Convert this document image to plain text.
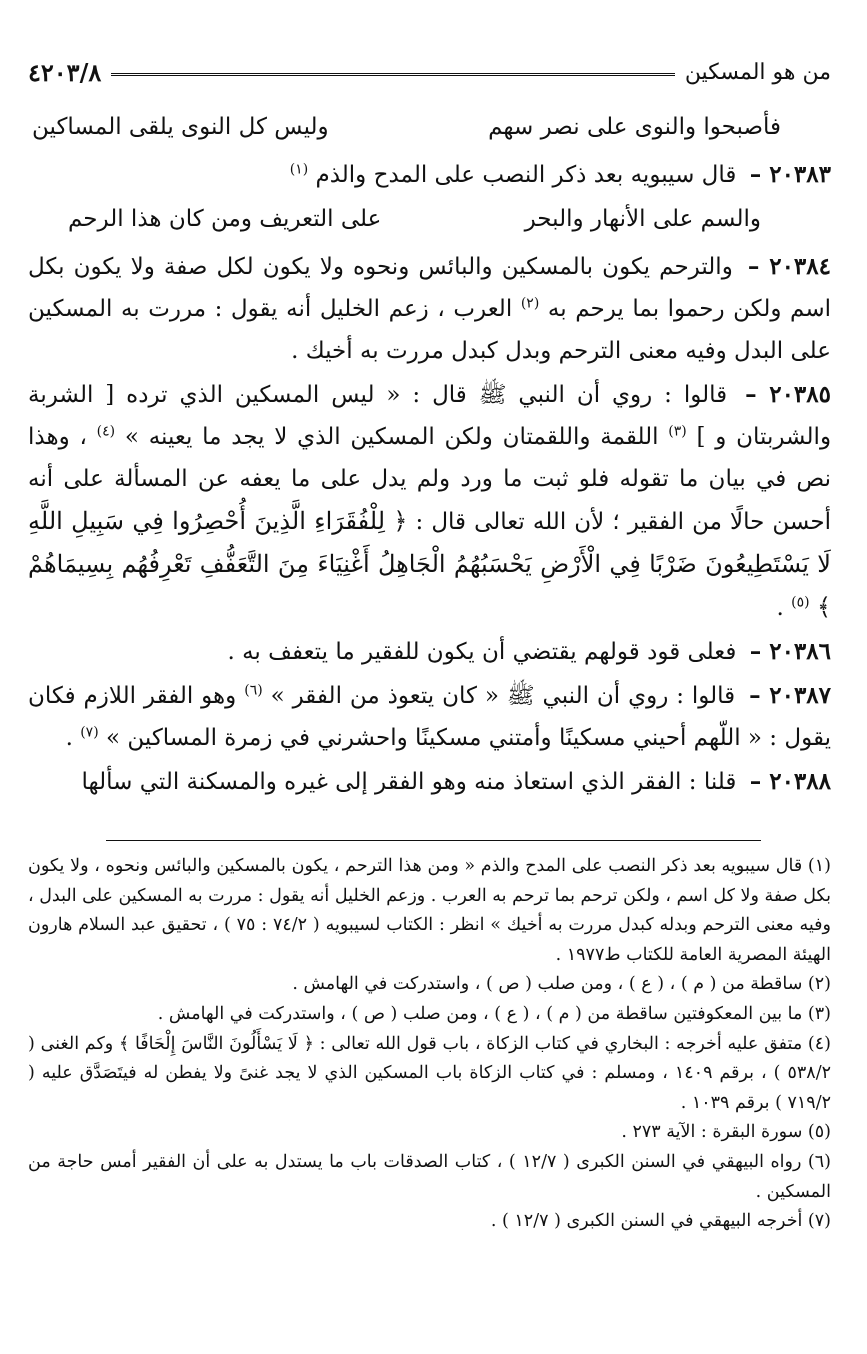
من هو المسكين
٤٢٠٣/٨
فأصبحوا والنوى على نصر سهم
وليس كل النوى يلقى المساكين

٢٠٣٨٣ – قال سيبويه بعد ذكر النصب على المدح والذم $^{(١)}$

والسم على الأنهار والبحر
على التعريف ومن كان هذا الرحم

٢٠٣٨٤ – والترحم يكون بالمسكين والبائس ونحوه ولا يكون لكل صفة ولا يكون بكل اسم ولكن رحموا بما يرحم به $^{(٢)}$ العرب ، زعم الخليل أنه يقول : مررت به المسكين على البدل وفيه معنى الترحم وبدل كبدل مررت به أخيك .

٢٠٣٨٥ – قالوا : روي أن النبي ﷺ قال : « ليس المسكين الذي ترده [ الشربة والشربتان و ] $^{(٣)}$ اللقمة واللقمتان ولكن المسكين الذي لا يجد ما يعينه » $^{(٤)}$ ، وهذا نص في بيان ما تقوله فلو ثبت ما ورد ولم يدل على ما يعفه عن المسألة على أنه أحسن حالًا من الفقير ؛ لأن الله تعالى قال : ﴿ لِلْفُقَرَاءِ الَّذِينَ أُحْصِرُوا فِي سَبِيلِ اللَّهِ لَا يَسْتَطِيعُونَ ضَرْبًا فِي الْأَرْضِ يَحْسَبُهُمُ الْجَاهِلُ أَغْنِيَاءَ مِنَ التَّعَفُّفِ تَعْرِفُهُم بِسِيمَاهُمْ ﴾ $^{(٥)}$ .

٢٠٣٨٦ – فعلى قود قولهم يقتضي أن يكون للفقير ما يتعفف به .

٢٠٣٨٧ – قالوا : روي أن النبي ﷺ « كان يتعوذ من الفقر » $^{(٦)}$ وهو الفقر اللازم فكان يقول : « اللّهم أحيني مسكينًا وأمتني مسكينًا واحشرني في زمرة المساكين » $^{(٧)}$ .

٢٠٣٨٨ – قلنا : الفقر الذي استعاذ منه وهو الفقر إلى غيره والمسكنة التي سألها

(١) قال سيبويه بعد ذكر النصب على المدح والذم « ومن هذا الترحم ، يكون بالمسكين والبائس ونحوه ، ولا يكون بكل صفة ولا كل اسم ، ولكن ترحم بما ترحم به العرب . وزعم الخليل أنه يقول : مررت به المسكين على البدل ، وفيه معنى الترحم وبدله كبدل مررت به أخيك » انظر : الكتاب لسيبويه ( ٧٤/٢ : ٧٥ ) ، تحقيق عبد السلام هارون الهيئة المصرية العامة للكتاب ط١٩٧٧ .

(٢) ساقطة من ( م ) ، ( ع ) ، ومن صلب ( ص ) ، واستدركت في الهامش .

(٣) ما بين المعكوفتين ساقطة من ( م ) ، ( ع ) ، ومن صلب ( ص ) ، واستدركت في الهامش .

(٤) متفق عليه أخرجه : البخاري في كتاب الزكاة ، باب قول الله تعالى : ﴿ لَا يَسْأَلُونَ النَّاسَ إِلْحَافًا ﴾ وكم الغنى ( ٥٣٨/٢ ) ، برقم ١٤٠٩ ، ومسلم : في كتاب الزكاة باب المسكين الذي لا يجد غنىً ولا يفطن له فيتَصَدَّق عليه ( ٧١٩/٢ ) برقم ١٠٣٩ .

(٥) سورة البقرة : الآية ٢٧٣ .

(٦) رواه البيهقي في السنن الكبرى ( ١٢/٧ ) ، كتاب الصدقات باب ما يستدل به على أن الفقير أمس حاجة من المسكين .

(٧) أخرجه البيهقي في السنن الكبرى ( ١٢/٧ ) .
